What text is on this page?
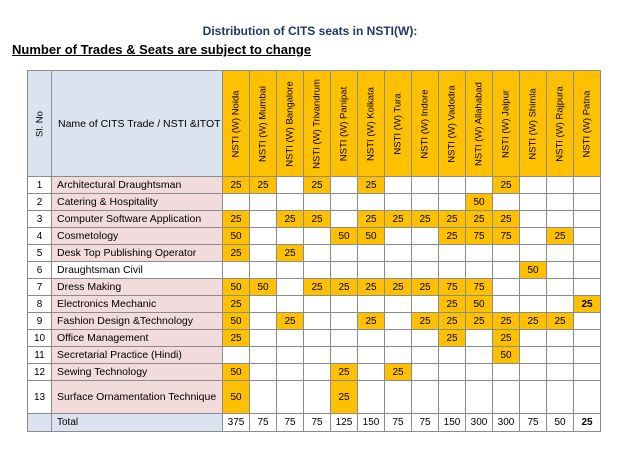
Distribution of CITS seats in NSTI(W):
Number of Trades & Seats are subject to change
Sl. No	Name of CITS Trade / NSTI &ITOT	NSTI (W) Noida	NSTI (W) Mumbai	NSTI (W) Bangalore	NSTI (W) Trivandrum	NSTI (W) Panipat	NSTI (W) Kolkata	NSTI (W) Tura	NSTI (W) Indore	NSTI (W) Vadodra	NSTI (W) Allahabad	NSTI (W) Jaipur	NSTI (W) Shimla	NSTI (W) Rajpura	NSTI (W) Patna

1	Architectural Draughtsman	25	25		25		25					25			
2	Catering & Hospitality										50				
3	Computer Software Application	25		25	25		25	25	25	25	25	25			
4	Cosmetology	50				50	50			25	75	75		25	
5	Desk Top Publishing Operator	25		25											
6	Draughtsman Civil												50		
7	Dress Making	50	50		25	25	25	25	25	75	75				
8	Electronics Mechanic	25								25	50				25
9	Fashion Design &Technology	50		25			25		25	25	25	25	25	25	
10	Office Management	25								25		25			
11	Secretarial Practice (Hindi)											50			
12	Sewing Technology	50				25		25							
13	Surface Ornamentation Technique	50				25									
	Total	375	75	75	75	125	150	75	75	150	300	300	75	50	25
